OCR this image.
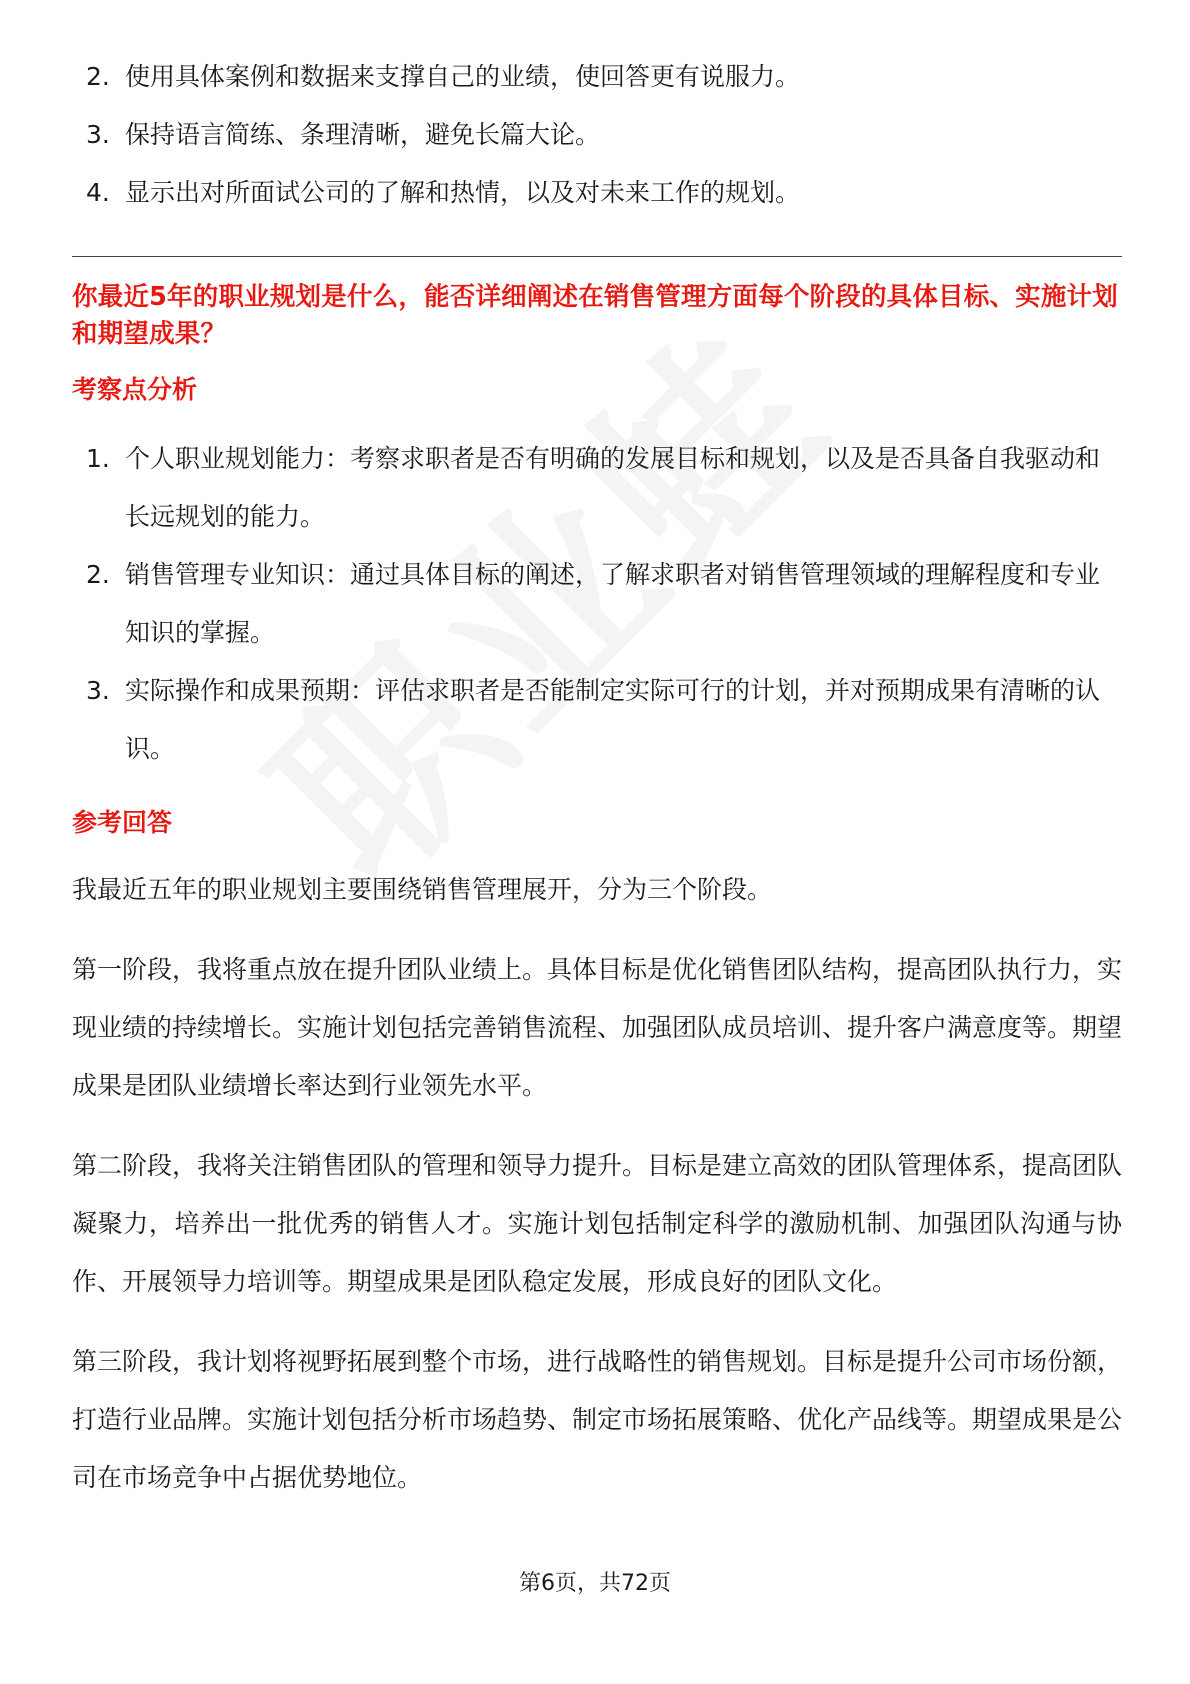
2. 使用具体案例和数据来支撑自己的业绩，使回答更有说服力。
3. 保持语言简练、条理清晰，避免长篇大论。
4. 显示出对所面试公司的了解和热情，以及对未来工作的规划。
你最近5年的职业规划是什么，能否详细阐述在销售管理方面每个阶段的具体目标、实施计划和期望成果？
考察点分析
1. 个人职业规划能力：考察求职者是否有明确的发展目标和规划，以及是否具备自我驱动和长远规划的能力。
2. 销售管理专业知识：通过具体目标的阐述，了解求职者对销售管理领域的理解程度和专业知识的掌握。
3. 实际操作和成果预期：评估求职者是否能制定实际可行的计划，并对预期成果有清晰的认识。
参考回答

我最近五年的职业规划主要围绕销售管理展开，分为三个阶段。

第一阶段，我将重点放在提升团队业绩上。具体目标是优化销售团队结构，提高团队执行力，实现业绩的持续增长。实施计划包括完善销售流程、加强团队成员培训、提升客户满意度等。期望成果是团队业绩增长率达到行业领先水平。

第二阶段，我将关注销售团队的管理和领导力提升。目标是建立高效的团队管理体系，提高团队凝聚力，培养出一批优秀的销售人才。实施计划包括制定科学的激励机制、加强团队沟通与协作、开展领导力培训等。期望成果是团队稳定发展，形成良好的团队文化。

第三阶段，我计划将视野拓展到整个市场，进行战略性的销售规划。目标是提升公司市场份额，打造行业品牌。实施计划包括分析市场趋势、制定市场拓展策略、优化产品线等。期望成果是公司在市场竞争中占据优势地位。

第6页，共72页
